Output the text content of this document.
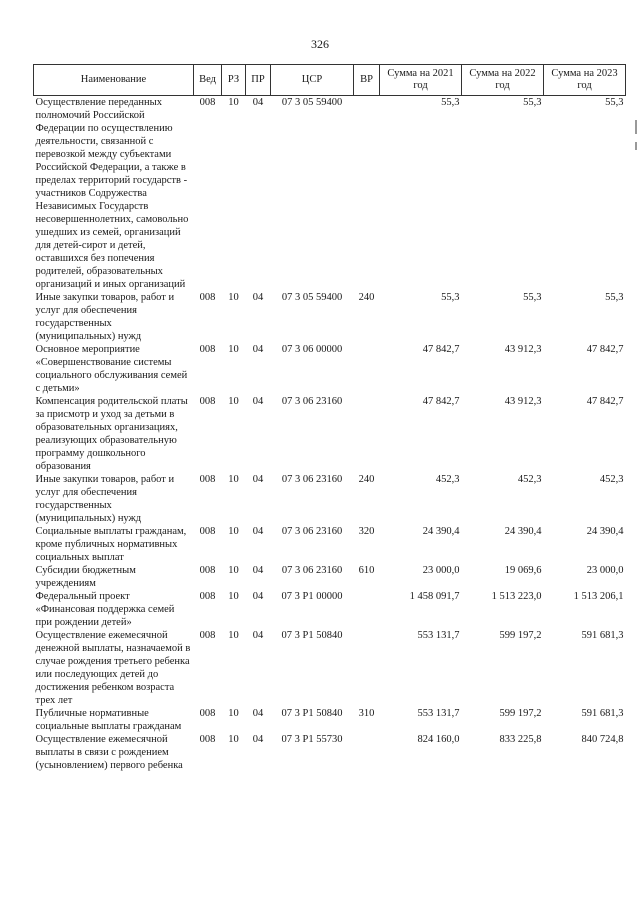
326
Наименование	Вед	РЗ	ПР	ЦСР	ВР	Сумма на 2021 год	Сумма на 2022 год	Сумма на 2023 год
Осуществление переданных полномочий Российской Федерации по осуществлению деятельности, связанной с перевозкой между субъектами Российской Федерации, а также в пределах территорий государств - участников Содружества Независимых Государств несовершеннолетних, самовольно ушедших из семей, организаций для детей-сирот и детей, оставшихся без попечения родителей, образовательных организаций и иных организаций	008	10	04	07 3 05 59400		55,3	55,3	55,3
Иные закупки товаров, работ и услуг для обеспечения государственных (муниципальных) нужд	008	10	04	07 3 05 59400	240	55,3	55,3	55,3
Основное мероприятие «Совершенствование системы социального обслуживания семей с детьми»	008	10	04	07 3 06 00000		47 842,7	43 912,3	47 842,7
Компенсация родительской платы за присмотр и уход за детьми в образовательных организациях, реализующих образовательную программу дошкольного образования	008	10	04	07 3 06 23160		47 842,7	43 912,3	47 842,7
Иные закупки товаров, работ и услуг для обеспечения государственных (муниципальных) нужд	008	10	04	07 3 06 23160	240	452,3	452,3	452,3
Социальные выплаты гражданам, кроме публичных нормативных социальных выплат	008	10	04	07 3 06 23160	320	24 390,4	24 390,4	24 390,4
Субсидии бюджетным учреждениям	008	10	04	07 3 06 23160	610	23 000,0	19 069,6	23 000,0
Федеральный проект «Финансовая поддержка семей при рождении детей»	008	10	04	07 3 Р1 00000		1 458 091,7	1 513 223,0	1 513 206,1
Осуществление ежемесячной денежной выплаты, назначаемой в случае рождения третьего ребенка или последующих детей до достижения ребенком возраста трех лет	008	10	04	07 3 Р1 50840		553 131,7	599 197,2	591 681,3
Публичные нормативные социальные выплаты гражданам	008	10	04	07 3 Р1 50840	310	553 131,7	599 197,2	591 681,3
Осуществление ежемесячной выплаты в связи с рождением (усыновлением) первого ребенка	008	10	04	07 3 Р1 55730		824 160,0	833 225,8	840 724,8
